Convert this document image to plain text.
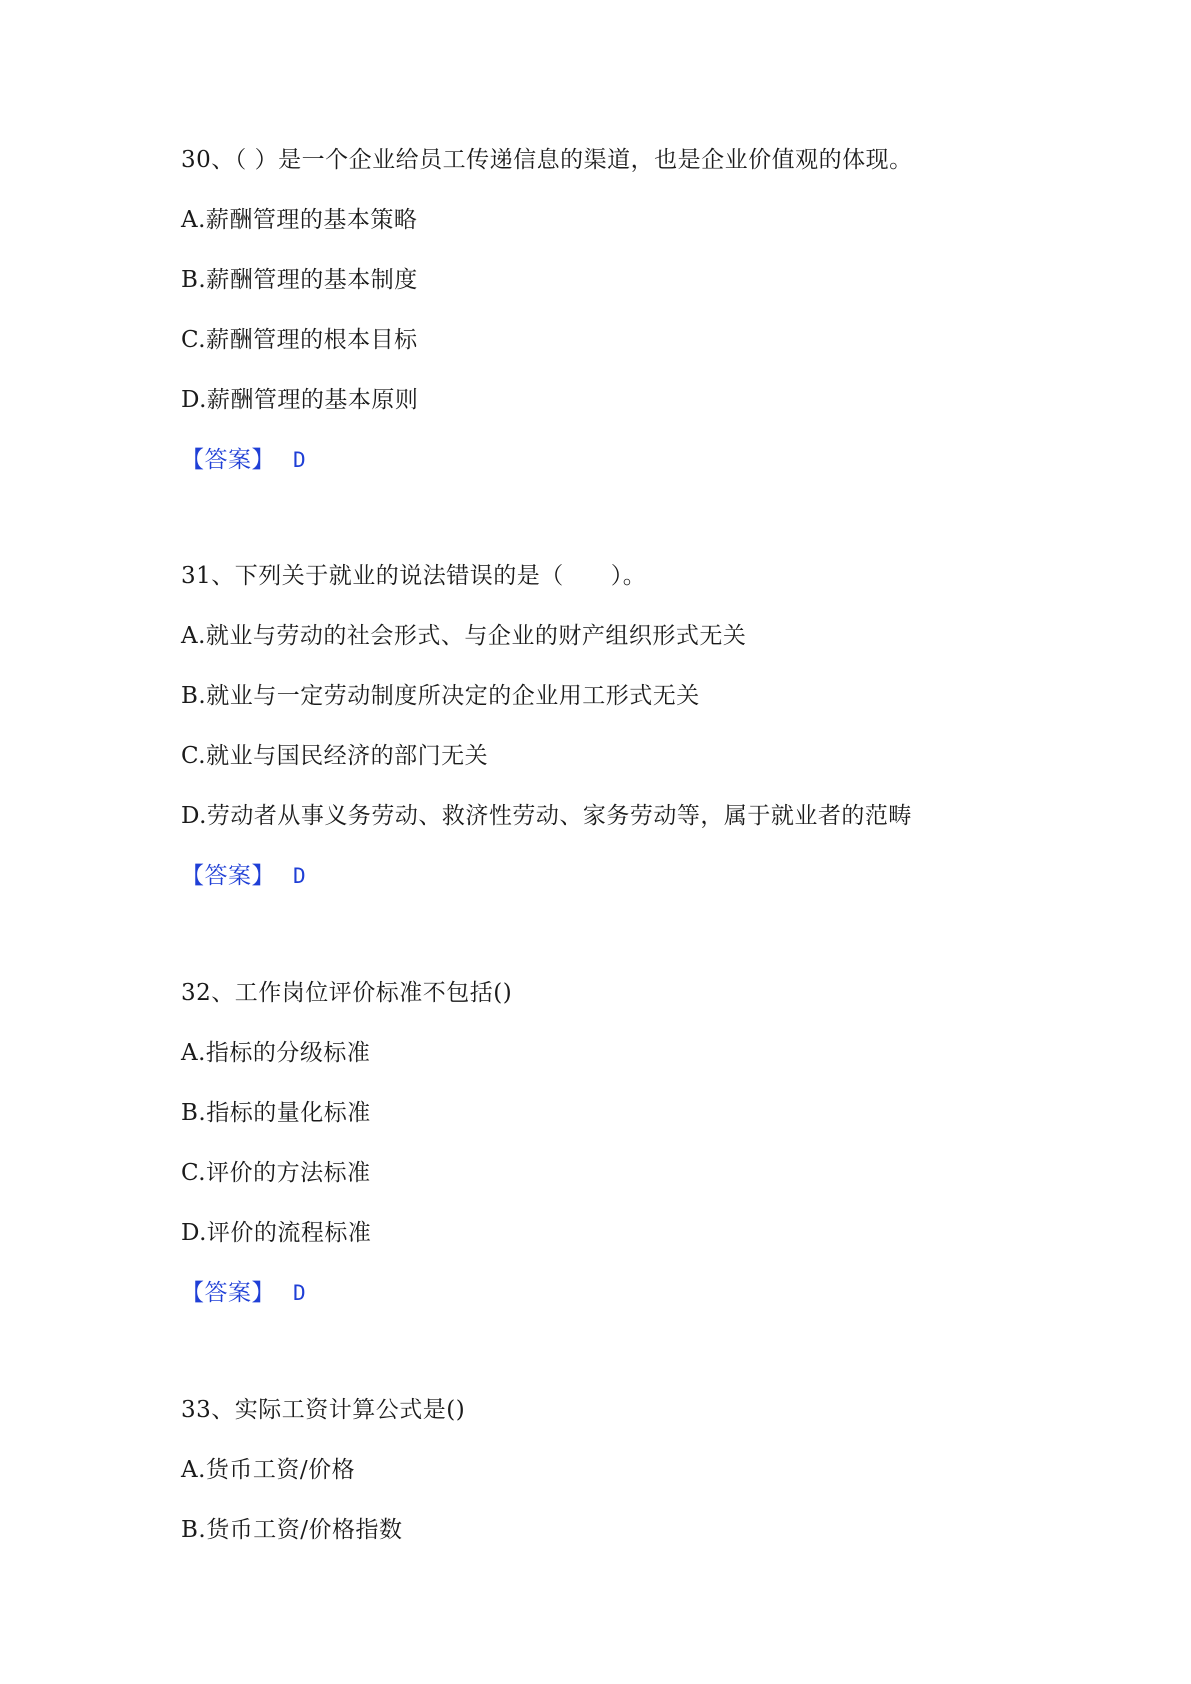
30、（ ）是一个企业给员工传递信息的渠道，也是企业价值观的体现。
A.薪酬管理的基本策略
B.薪酬管理的基本制度
C.薪酬管理的根本目标
D.薪酬管理的基本原则
【答案】 D
31、下列关于就业的说法错误的是（　　）。
A.就业与劳动的社会形式、与企业的财产组织形式无关
B.就业与一定劳动制度所决定的企业用工形式无关
C.就业与国民经济的部门无关
D.劳动者从事义务劳动、救济性劳动、家务劳动等，属于就业者的范畴
【答案】 D
32、工作岗位评价标准不包括()
A.指标的分级标准
B.指标的量化标准
C.评价的方法标准
D.评价的流程标准
【答案】 D
33、实际工资计算公式是()
A.货币工资/价格
B.货币工资/价格指数
